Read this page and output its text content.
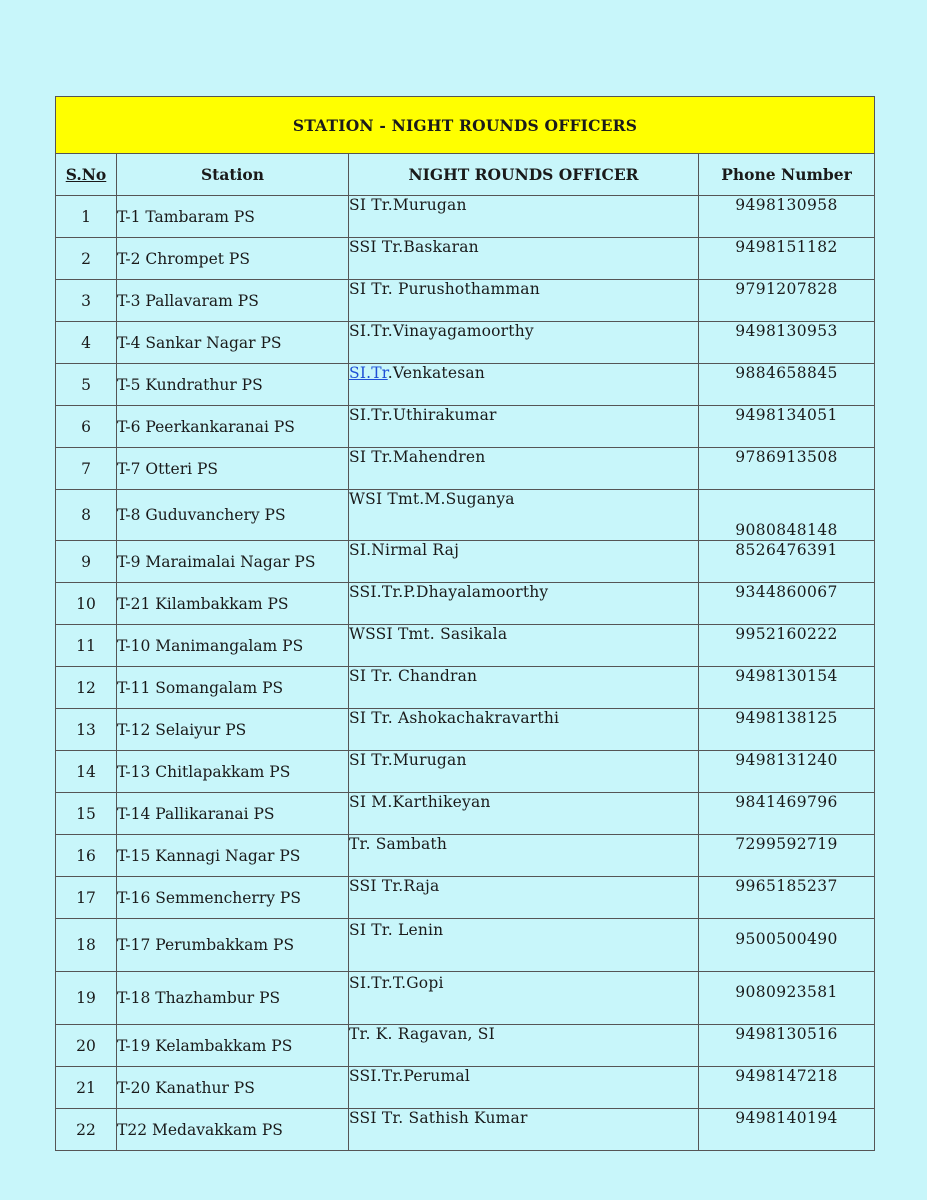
STATION - NIGHT ROUNDS OFFICERS			
S.No	Station	NIGHT ROUNDS OFFICER	Phone Number
1	T-1 Tambaram PS	SI Tr.Murugan	9498130958
2	T-2 Chrompet PS	SSI Tr.Baskaran	9498151182
3	T-3 Pallavaram PS	SI Tr. Purushothamman	9791207828
4	T-4 Sankar Nagar PS	SI.Tr.Vinayagamoorthy	9498130953
5	T-5 Kundrathur PS	SI.Tr.Venkatesan	9884658845
6	T-6 Peerkankaranai PS	SI.Tr.Uthirakumar	9498134051
7	T-7 Otteri PS	SI Tr.Mahendren	9786913508
8	T-8 Guduvanchery PS	WSI Tmt.M.Suganya	9080848148
9	T-9 Maraimalai Nagar PS	SI.Nirmal Raj	8526476391
10	T-21 Kilambakkam PS	SSI.Tr.P.Dhayalamoorthy	9344860067
11	T-10 Manimangalam PS	WSSI Tmt. Sasikala	9952160222
12	T-11 Somangalam PS	SI Tr. Chandran	9498130154
13	T-12 Selaiyur PS	SI Tr. Ashokachakravarthi	9498138125
14	T-13 Chitlapakkam PS	SI Tr.Murugan	9498131240
15	T-14 Pallikaranai PS	SI M.Karthikeyan	9841469796
16	T-15 Kannagi Nagar PS	Tr. Sambath	7299592719
17	T-16 Semmencherry PS	SSI Tr.Raja	9965185237
18	T-17 Perumbakkam PS	SI Tr. Lenin	9500500490
19	T-18 Thazhambur PS	SI.Tr.T.Gopi	9080923581
20	T-19 Kelambakkam PS	Tr. K. Ragavan, SI	9498130516
21	T-20 Kanathur PS	SSI.Tr.Perumal	9498147218
22	T22 Medavakkam PS	SSI Tr. Sathish Kumar	9498140194
